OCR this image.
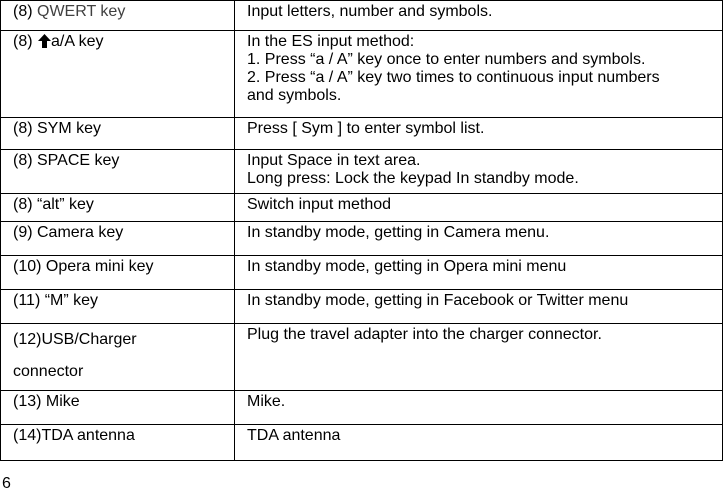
(8) QWERT key	Input letters, number and symbols.

(8) a/A key	In the ES input method:
1. Press “a / A” key once to enter numbers and symbols.
2. Press “a / A” key two times to continuous input numbers
and symbols.

(8) SYM key	Press [ Sym ] to enter symbol list.

(8) SPACE key	Input Space in text area.
Long press: Lock the keypad In standby mode.

(8) “alt” key	Switch input method

(9) Camera key	In standby mode, getting in Camera menu.

(10) Opera mini key	In standby mode, getting in Opera mini menu

(11) “M” key	In standby mode, getting in Facebook or Twitter menu

(12)USB/Charger
connector	Plug the travel adapter into the charger connector.

(13) Mike	Mike.

(14)TDA antenna	TDA antenna
6
